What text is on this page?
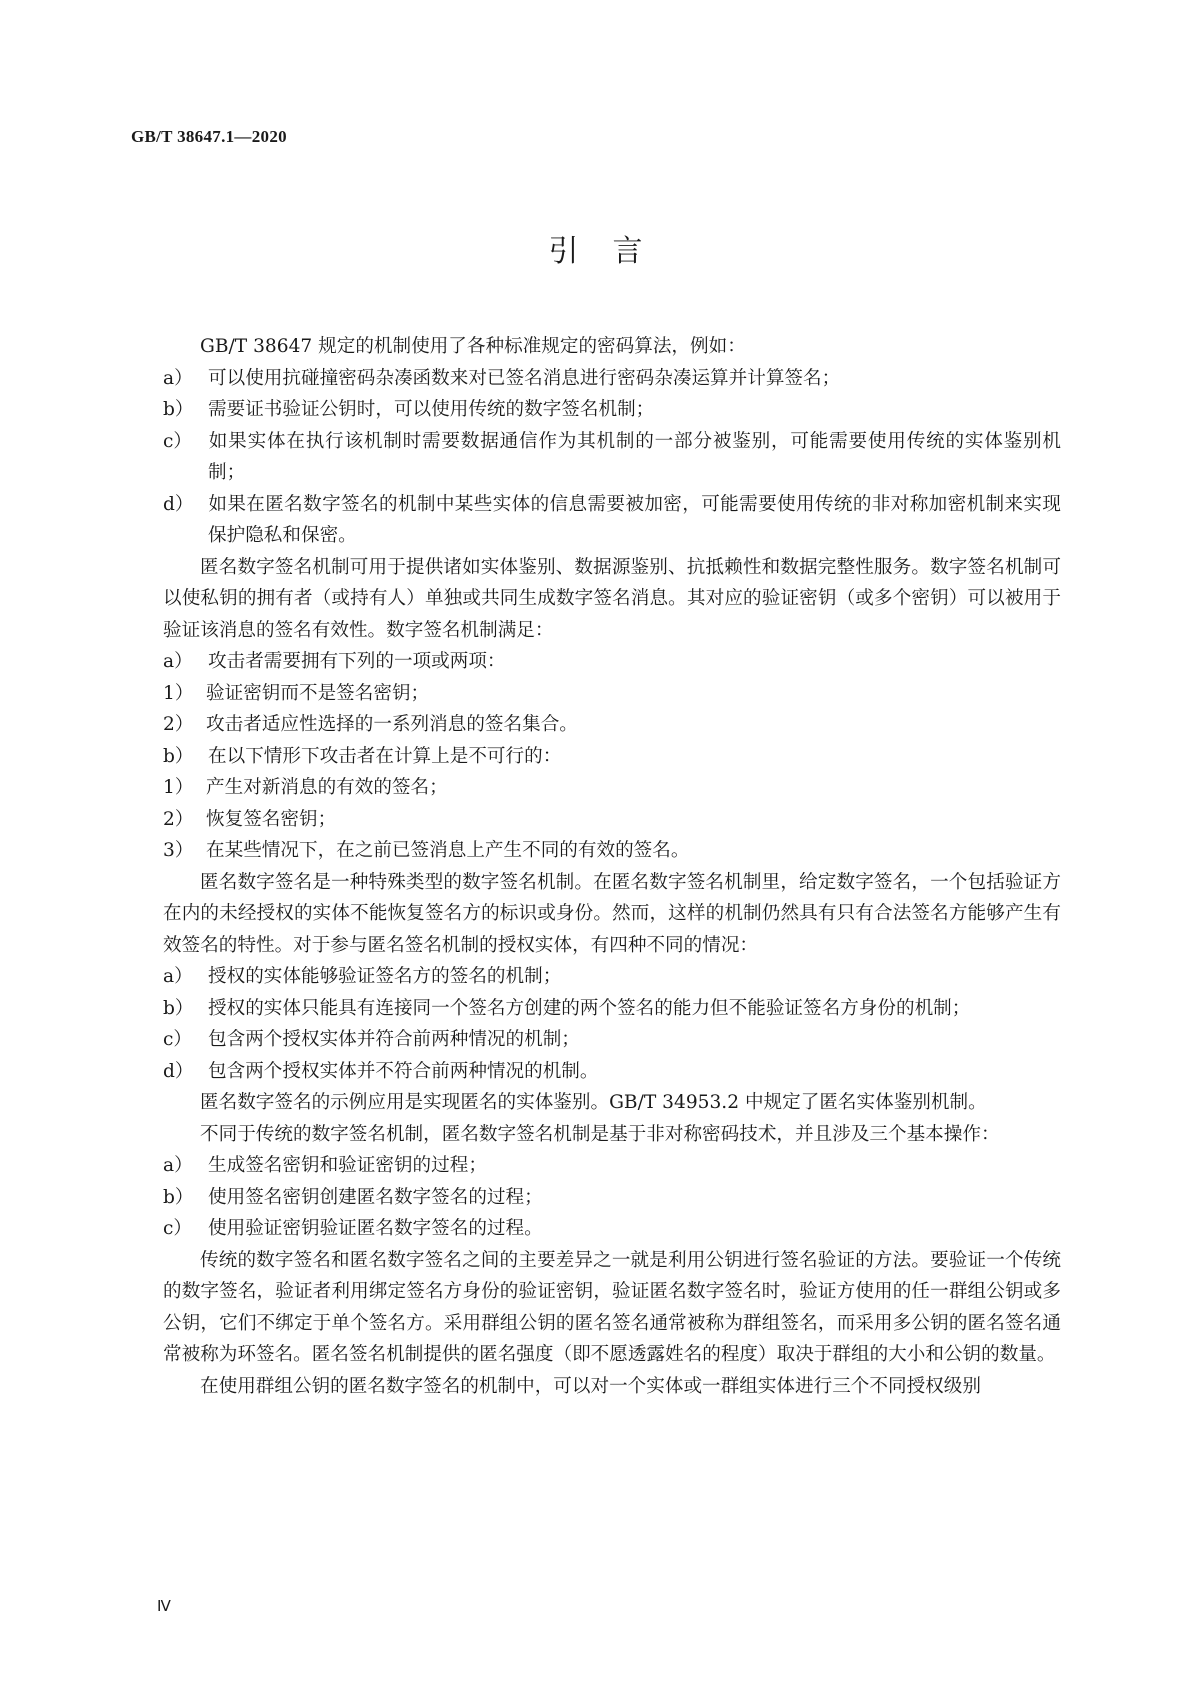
GB/T 38647.1—2020
引言
GB/T 38647 规定的机制使用了各种标准规定的密码算法，例如：
a） 可以使用抗碰撞密码杂凑函数来对已签名消息进行密码杂凑运算并计算签名；
b） 需要证书验证公钥时，可以使用传统的数字签名机制；
c） 如果实体在执行该机制时需要数据通信作为其机制的一部分被鉴别，可能需要使用传统的实体鉴别机制；
d） 如果在匿名数字签名的机制中某些实体的信息需要被加密，可能需要使用传统的非对称加密机制来实现保护隐私和保密。
匿名数字签名机制可用于提供诸如实体鉴别、数据源鉴别、抗抵赖性和数据完整性服务。数字签名机制可以使私钥的拥有者（或持有人）单独或共同生成数字签名消息。其对应的验证密钥（或多个密钥）可以被用于验证该消息的签名有效性。数字签名机制满足：
a） 攻击者需要拥有下列的一项或两项：
1） 验证密钥而不是签名密钥；
2） 攻击者适应性选择的一系列消息的签名集合。
b） 在以下情形下攻击者在计算上是不可行的：
1） 产生对新消息的有效的签名；
2） 恢复签名密钥；
3） 在某些情况下，在之前已签消息上产生不同的有效的签名。
匿名数字签名是一种特殊类型的数字签名机制。在匿名数字签名机制里，给定数字签名，一个包括验证方在内的未经授权的实体不能恢复签名方的标识或身份。然而，这样的机制仍然具有只有合法签名方能够产生有效签名的特性。对于参与匿名签名机制的授权实体，有四种不同的情况：
a） 授权的实体能够验证签名方的签名的机制；
b） 授权的实体只能具有连接同一个签名方创建的两个签名的能力但不能验证签名方身份的机制；
c） 包含两个授权实体并符合前两种情况的机制；
d） 包含两个授权实体并不符合前两种情况的机制。
匿名数字签名的示例应用是实现匿名的实体鉴别。GB/T 34953.2 中规定了匿名实体鉴别机制。
不同于传统的数字签名机制，匿名数字签名机制是基于非对称密码技术，并且涉及三个基本操作：
a） 生成签名密钥和验证密钥的过程；
b） 使用签名密钥创建匿名数字签名的过程；
c） 使用验证密钥验证匿名数字签名的过程。
传统的数字签名和匿名数字签名之间的主要差异之一就是利用公钥进行签名验证的方法。要验证一个传统的数字签名，验证者利用绑定签名方身份的验证密钥，验证匿名数字签名时，验证方使用的任一群组公钥或多公钥，它们不绑定于单个签名方。采用群组公钥的匿名签名通常被称为群组签名，而采用多公钥的匿名签名通常被称为环签名。匿名签名机制提供的匿名强度（即不愿透露姓名的程度）取决于群组的大小和公钥的数量。
在使用群组公钥的匿名数字签名的机制中，可以对一个实体或一群组实体进行三个不同授权级别
Ⅳ
